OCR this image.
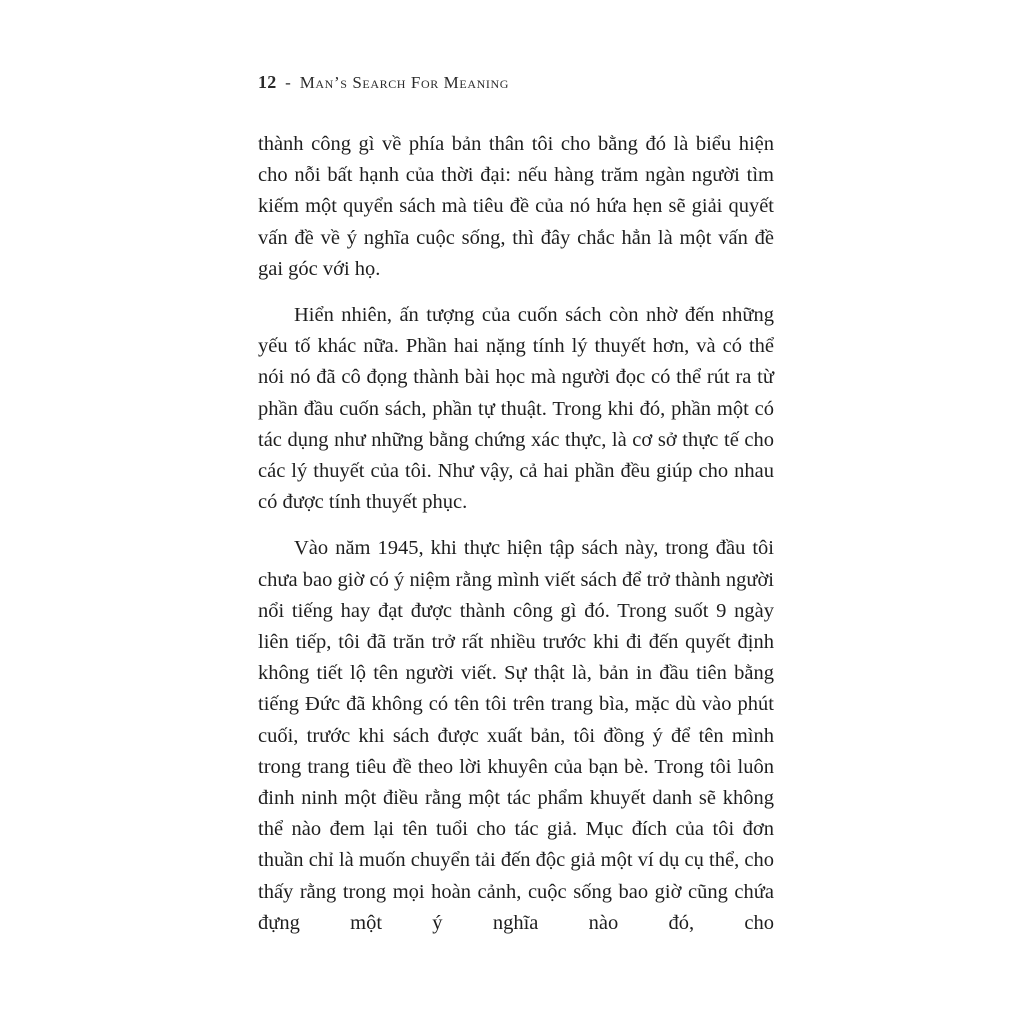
12 - Man’s Search For Meaning

thành công gì về phía bản thân tôi cho bằng đó là biểu hiện cho nỗi bất hạnh của thời đại: nếu hàng trăm ngàn người tìm kiếm một quyển sách mà tiêu đề của nó hứa hẹn sẽ giải quyết vấn đề về ý nghĩa cuộc sống, thì đây chắc hẳn là một vấn đề gai góc với họ.

Hiển nhiên, ấn tượng của cuốn sách còn nhờ đến những yếu tố khác nữa. Phần hai nặng tính lý thuyết hơn, và có thể nói nó đã cô đọng thành bài học mà người đọc có thể rút ra từ phần đầu cuốn sách, phần tự thuật. Trong khi đó, phần một có tác dụng như những bằng chứng xác thực, là cơ sở thực tế cho các lý thuyết của tôi. Như vậy, cả hai phần đều giúp cho nhau có được tính thuyết phục.

Vào năm 1945, khi thực hiện tập sách này, trong đầu tôi chưa bao giờ có ý niệm rằng mình viết sách để trở thành người nổi tiếng hay đạt được thành công gì đó. Trong suốt 9 ngày liên tiếp, tôi đã trăn trở rất nhiều trước khi đi đến quyết định không tiết lộ tên người viết. Sự thật là, bản in đầu tiên bằng tiếng Đức đã không có tên tôi trên trang bìa, mặc dù vào phút cuối, trước khi sách được xuất bản, tôi đồng ý để tên mình trong trang tiêu đề theo lời khuyên của bạn bè. Trong tôi luôn đinh ninh một điều rằng một tác phẩm khuyết danh sẽ không thể nào đem lại tên tuổi cho tác giả. Mục đích của tôi đơn thuần chỉ là muốn chuyển tải đến độc giả một ví dụ cụ thể, cho thấy rằng trong mọi hoàn cảnh, cuộc sống bao giờ cũng chứa đựng một ý nghĩa nào đó, cho
